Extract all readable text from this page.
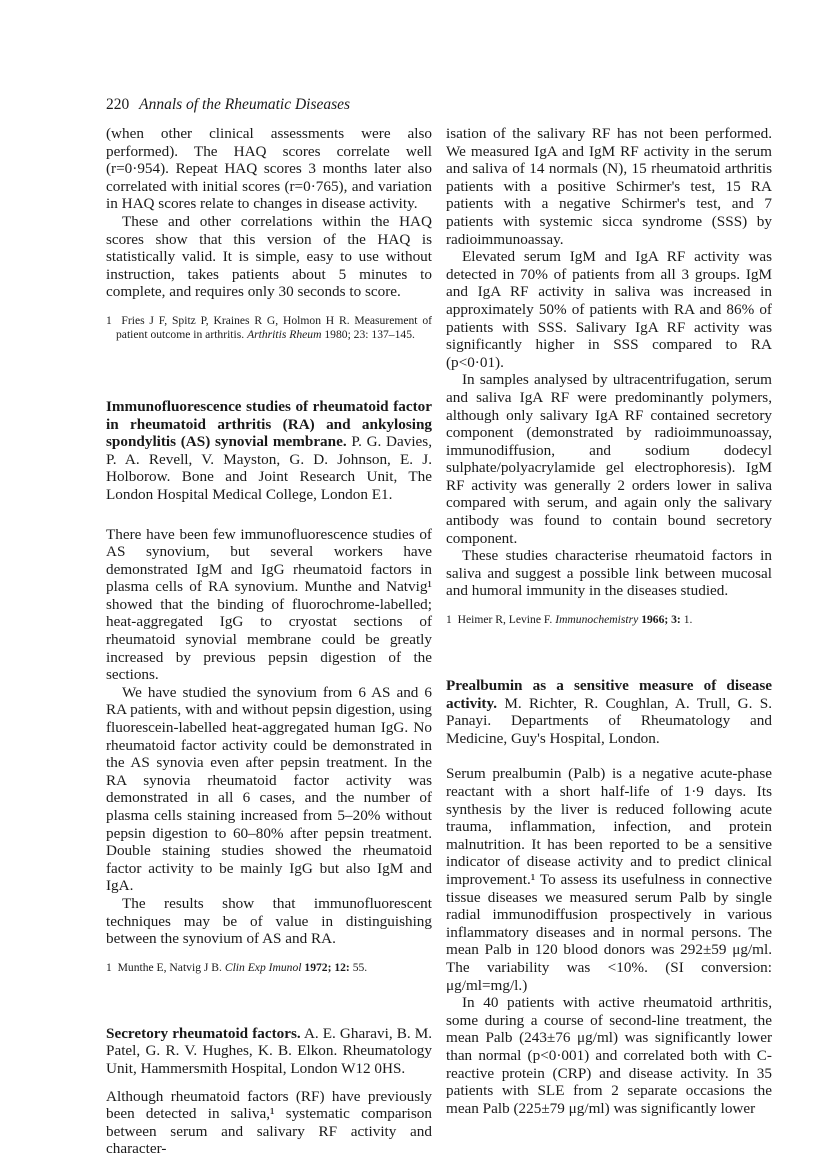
220 Annals of the Rheumatic Diseases

(when other clinical assessments were also performed). The HAQ scores correlate well (r=0·954). Repeat HAQ scores 3 months later also correlated with initial scores (r=0·765), and variation in HAQ scores relate to changes in disease activity.

These and other correlations within the HAQ scores show that this version of the HAQ is statistically valid. It is simple, easy to use without instruction, takes patients about 5 minutes to complete, and requires only 30 seconds to score.

1 Fries J F, Spitz P, Kraines R G, Holmon H R. Measurement of patient outcome in arthritis. Arthritis Rheum 1980; 23: 137–145.
Immunofluorescence studies of rheumatoid factor in rheumatoid arthritis (RA) and ankylosing spondylitis (AS) synovial membrane. P. G. Davies, P. A. Revell, V. Mayston, G. D. Johnson, E. J. Holborow. Bone and Joint Research Unit, The London Hospital Medical College, London E1.

There have been few immunofluorescence studies of AS synovium, but several workers have demonstrated IgM and IgG rheumatoid factors in plasma cells of RA synovium. Munthe and Natvig¹ showed that the binding of fluorochrome-labelled; heat-aggregated IgG to cryostat sections of rheumatoid synovial membrane could be greatly increased by previous pepsin digestion of the sections.

We have studied the synovium from 6 AS and 6 RA patients, with and without pepsin digestion, using fluorescein-labelled heat-aggregated human IgG. No rheumatoid factor activity could be demonstrated in the AS synovia even after pepsin treatment. In the RA synovia rheumatoid factor activity was demonstrated in all 6 cases, and the number of plasma cells staining increased from 5–20% without pepsin digestion to 60–80% after pepsin treatment. Double staining studies showed the rheumatoid factor activity to be mainly IgG but also IgM and IgA.

The results show that immunofluorescent techniques may be of value in distinguishing between the synovium of AS and RA.

1 Munthe E, Natvig J B. Clin Exp Imunol 1972; 12: 55.
Secretory rheumatoid factors. A. E. Gharavi, B. M. Patel, G. R. V. Hughes, K. B. Elkon. Rheumatology Unit, Hammersmith Hospital, London W12 0HS.

Although rheumatoid factors (RF) have previously been detected in saliva,¹ systematic comparison between serum and salivary RF activity and character-

isation of the salivary RF has not been performed. We measured IgA and IgM RF activity in the serum and saliva of 14 normals (N), 15 rheumatoid arthritis patients with a positive Schirmer's test, 15 RA patients with a negative Schirmer's test, and 7 patients with systemic sicca syndrome (SSS) by radioimmunoassay.

Elevated serum IgM and IgA RF activity was detected in 70% of patients from all 3 groups. IgM and IgA RF activity in saliva was increased in approximately 50% of patients with RA and 86% of patients with SSS. Salivary IgA RF activity was significantly higher in SSS compared to RA (p<0·01).

In samples analysed by ultracentrifugation, serum and saliva IgA RF were predominantly polymers, although only salivary IgA RF contained secretory component (demonstrated by radioimmunoassay, immunodiffusion, and sodium dodecyl sulphate/polyacrylamide gel electrophoresis). IgM RF activity was generally 2 orders lower in saliva compared with serum, and again only the salivary antibody was found to contain bound secretory component.

These studies characterise rheumatoid factors in saliva and suggest a possible link between mucosal and humoral immunity in the diseases studied.

1 Heimer R, Levine F. Immunochemistry 1966; 3: 1.
Prealbumin as a sensitive measure of disease activity. M. Richter, R. Coughlan, A. Trull, G. S. Panayi. Departments of Rheumatology and Medicine, Guy's Hospital, London.

Serum prealbumin (Palb) is a negative acute-phase reactant with a short half-life of 1·9 days. Its synthesis by the liver is reduced following acute trauma, inflammation, infection, and protein malnutrition. It has been reported to be a sensitive indicator of disease activity and to predict clinical improvement.¹ To assess its usefulness in connective tissue diseases we measured serum Palb by single radial immunodiffusion prospectively in various inflammatory diseases and in normal persons. The mean Palb in 120 blood donors was 292±59 μg/ml. The variability was <10%. (SI conversion: μg/ml=mg/l.)

In 40 patients with active rheumatoid arthritis, some during a course of second-line treatment, the mean Palb (243±76 μg/ml) was significantly lower than normal (p<0·001) and correlated both with C-reactive protein (CRP) and disease activity. In 35 patients with SLE from 2 separate occasions the mean Palb (225±79 μg/ml) was significantly lower
